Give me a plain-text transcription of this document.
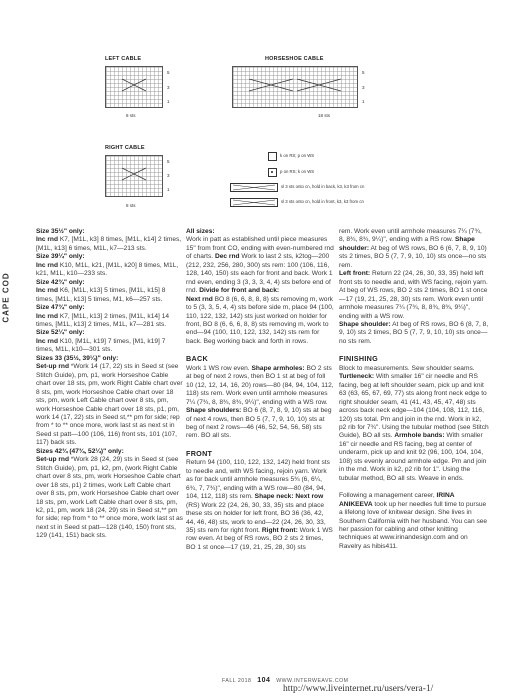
LEFT CABLE
5
3
1
8 sts
HORSESHOE CABLE
5
3
1
18 sts
RIGHT CABLE
5
3
1
8 sts
k on RS; p on WS
p on RS; k on WS
sl 3 sts onto cn, hold in back, k3, k3 from cn
sl 3 sts onto cn, hold in front, k3, k3 from cn
CAPE COD

Size 35½" only:
Inc rnd K7, [M1L, k3] 8 times, [M1L, k14] 2 times, [M1L, k13] 6 times, M1L, k7—213 sts.
Size 39¼" only:
Inc rnd K10, M1L, k21, [M1L, k20] 8 times, M1L, k21, M1L, k10—233 sts.
Size 42¾" only:
Inc rnd K6, [M1L, k13] 5 times, [M1L, k15] 8 times, [M1L, k13] 5 times, M1, k6—257 sts.
Size 47¾" only:
Inc rnd K7, [M1L, k13] 2 times, [M1L, k14] 14 times, [M1L, k13] 2 times, M1L, k7—281 sts.
Size 52¼" only:
Inc rnd K10, [M1L, k19] 7 times, [M1, k19] 7 times, M1L, k10—301 sts.

Sizes 33 (35½, 39¼)" only:
Set-up rnd *Work 14 (17, 22) sts in Seed st (see Stitch Guide), pm, p1, work Horseshoe Cable chart over 18 sts, pm, work Right Cable chart over 8 sts, pm, work Horseshoe Cable chart over 18 sts, pm, work Left Cable chart over 8 sts, pm, work Horseshoe Cable chart over 18 sts, p1, pm, work 14 (17, 22) sts in Seed st,** pm for side; rep from * to ** once more, work last st as next st in Seed st patt—100 (106, 116) front sts, 101 (107, 117) back sts.

Sizes 42¾ (47¾, 52¼)" only:
Set-up rnd *Work 28 (24, 29) sts in Seed st (see Stitch Guide), pm, p1, k2, pm, (work Right Cable chart over 8 sts, pm, work Horseshoe Cable chart over 18 sts, p1) 2 times, work Left Cable chart over 8 sts, pm, work Horseshoe Cable chart over 18 sts, pm, work Left Cable chart over 8 sts, pm, k2, p1, pm, work 18 (24, 29) sts in Seed st,** pm for side; rep from * to ** once more, work last st as next st in Seed st patt—128 (140, 150) front sts, 129 (141, 151) back sts.

All sizes:
Work in patt as established until piece measures 15" from front CO, ending with even-numbered rnd of charts. Dec rnd Work to last 2 sts, k2tog—200 (212, 232, 256, 280, 300) sts rem: 100 (106, 116, 128, 140, 150) sts each for front and back. Work 1 rnd even, ending 3 (3, 3, 3, 4, 4) sts before end of rnd. Divide for front and back:
Next rnd BO 8 (6, 6, 8, 8, 8) sts removing m, work to 5 (3, 3, 5, 4, 4) sts before side m, place 94 (100, 110, 122, 132, 142) sts just worked on holder for front, BO 8 (6, 6, 6, 8, 8) sts removing m, work to end—94 (100, 110, 122, 132, 142) sts rem for back. Beg working back and forth in rows.

BACK

Work 1 WS row even. Shape armholes: BO 2 sts at beg of next 2 rows, then BO 1 st at beg of foll 10 (12, 12, 14, 16, 20) rows—80 (84, 94, 104, 112, 118) sts rem. Work even until armhole measures 7¼ (7¾, 8, 8¾, 8¾, 9¼)", ending with a WS row.
Shape shoulders: BO 6 (8, 7, 8, 9, 10) sts at beg of next 4 rows, then BO 5 (7, 7, 9, 10, 10) sts at beg of next 2 rows—46 (46, 52, 54, 56, 58) sts rem. BO all sts.

FRONT

Return 94 (100, 110, 122, 132, 142) held front sts to needle and, with WS facing, rejoin yarn. Work as for back until armhole measures 5¾ (6, 6¼, 6¾, 7, 7¾)", ending with a WS row—80 (84, 94, 104, 112, 118) sts rem. Shape neck: Next row (RS) Work 22 (24, 26, 30, 33, 35) sts and place these sts on holder for left front, BO 36 (36, 42, 44, 46, 48) sts, work to end—22 (24, 26, 30, 33, 35) sts rem for right front. Right front: Work 1 WS row even. At beg of RS rows, BO 2 sts 2 times, BO 1 st once—17 (19, 21, 25, 28, 30) sts

rem. Work even until armhole measures 7¼ (7¾, 8, 8¾, 8¾, 9¼)", ending with a RS row. Shape shoulder: At beg of WS rows, BO 6 (6, 7, 8, 9, 10) sts 2 times, BO 5 (7, 7, 9, 10, 10) sts once—no sts rem.
Left front: Return 22 (24, 26, 30, 33, 35) held left front sts to needle and, with WS facing, rejoin yarn. At beg of WS rows, BO 2 sts 2 times, BO 1 st once—17 (19, 21, 25, 28, 30) sts rem. Work even until armhole measures 7¼ (7¾, 8, 8¾, 8¾, 9¼)", ending with a WS row.
Shape shoulder: At beg of RS rows, BO 6 (8, 7, 8, 9, 10) sts 2 times, BO 5 (7, 7, 9, 10, 10) sts once—no sts rem.

FINISHING

Block to measurements. Sew shoulder seams. Turtleneck: With smaller 16" cir needle and RS facing, beg at left shoulder seam, pick up and knit 63 (63, 65, 67, 69, 77) sts along front neck edge to right shoulder seam, 41 (41, 43, 45, 47, 48) sts across back neck edge—104 (104, 108, 112, 116, 120) sts total. Pm and join in the rnd. Work in k2, p2 rib for 7¾". Using the tubular method (see Stitch Guide), BO all sts. Armhole bands: With smaller 16" cir needle and RS facing, beg at center of underarm, pick up and knit 92 (96, 100, 104, 104, 108) sts evenly around armhole edge. Pm and join in the rnd. Work in k2, p2 rib for 1". Using the tubular method, BO all sts. Weave in ends.

Following a management career, IRINA ANIKEEVA took up her needles full time to pursue a lifelong love of knitwear design. She lives in Southern California with her husband. You can see her passion for cabling and other knitting techniques at www.irinandesign.com and on Ravelry as hibis411.

FALL 2018 104 WWW.INTERWEAVE.COM
http://www.liveinternet.ru/users/vera-1/
